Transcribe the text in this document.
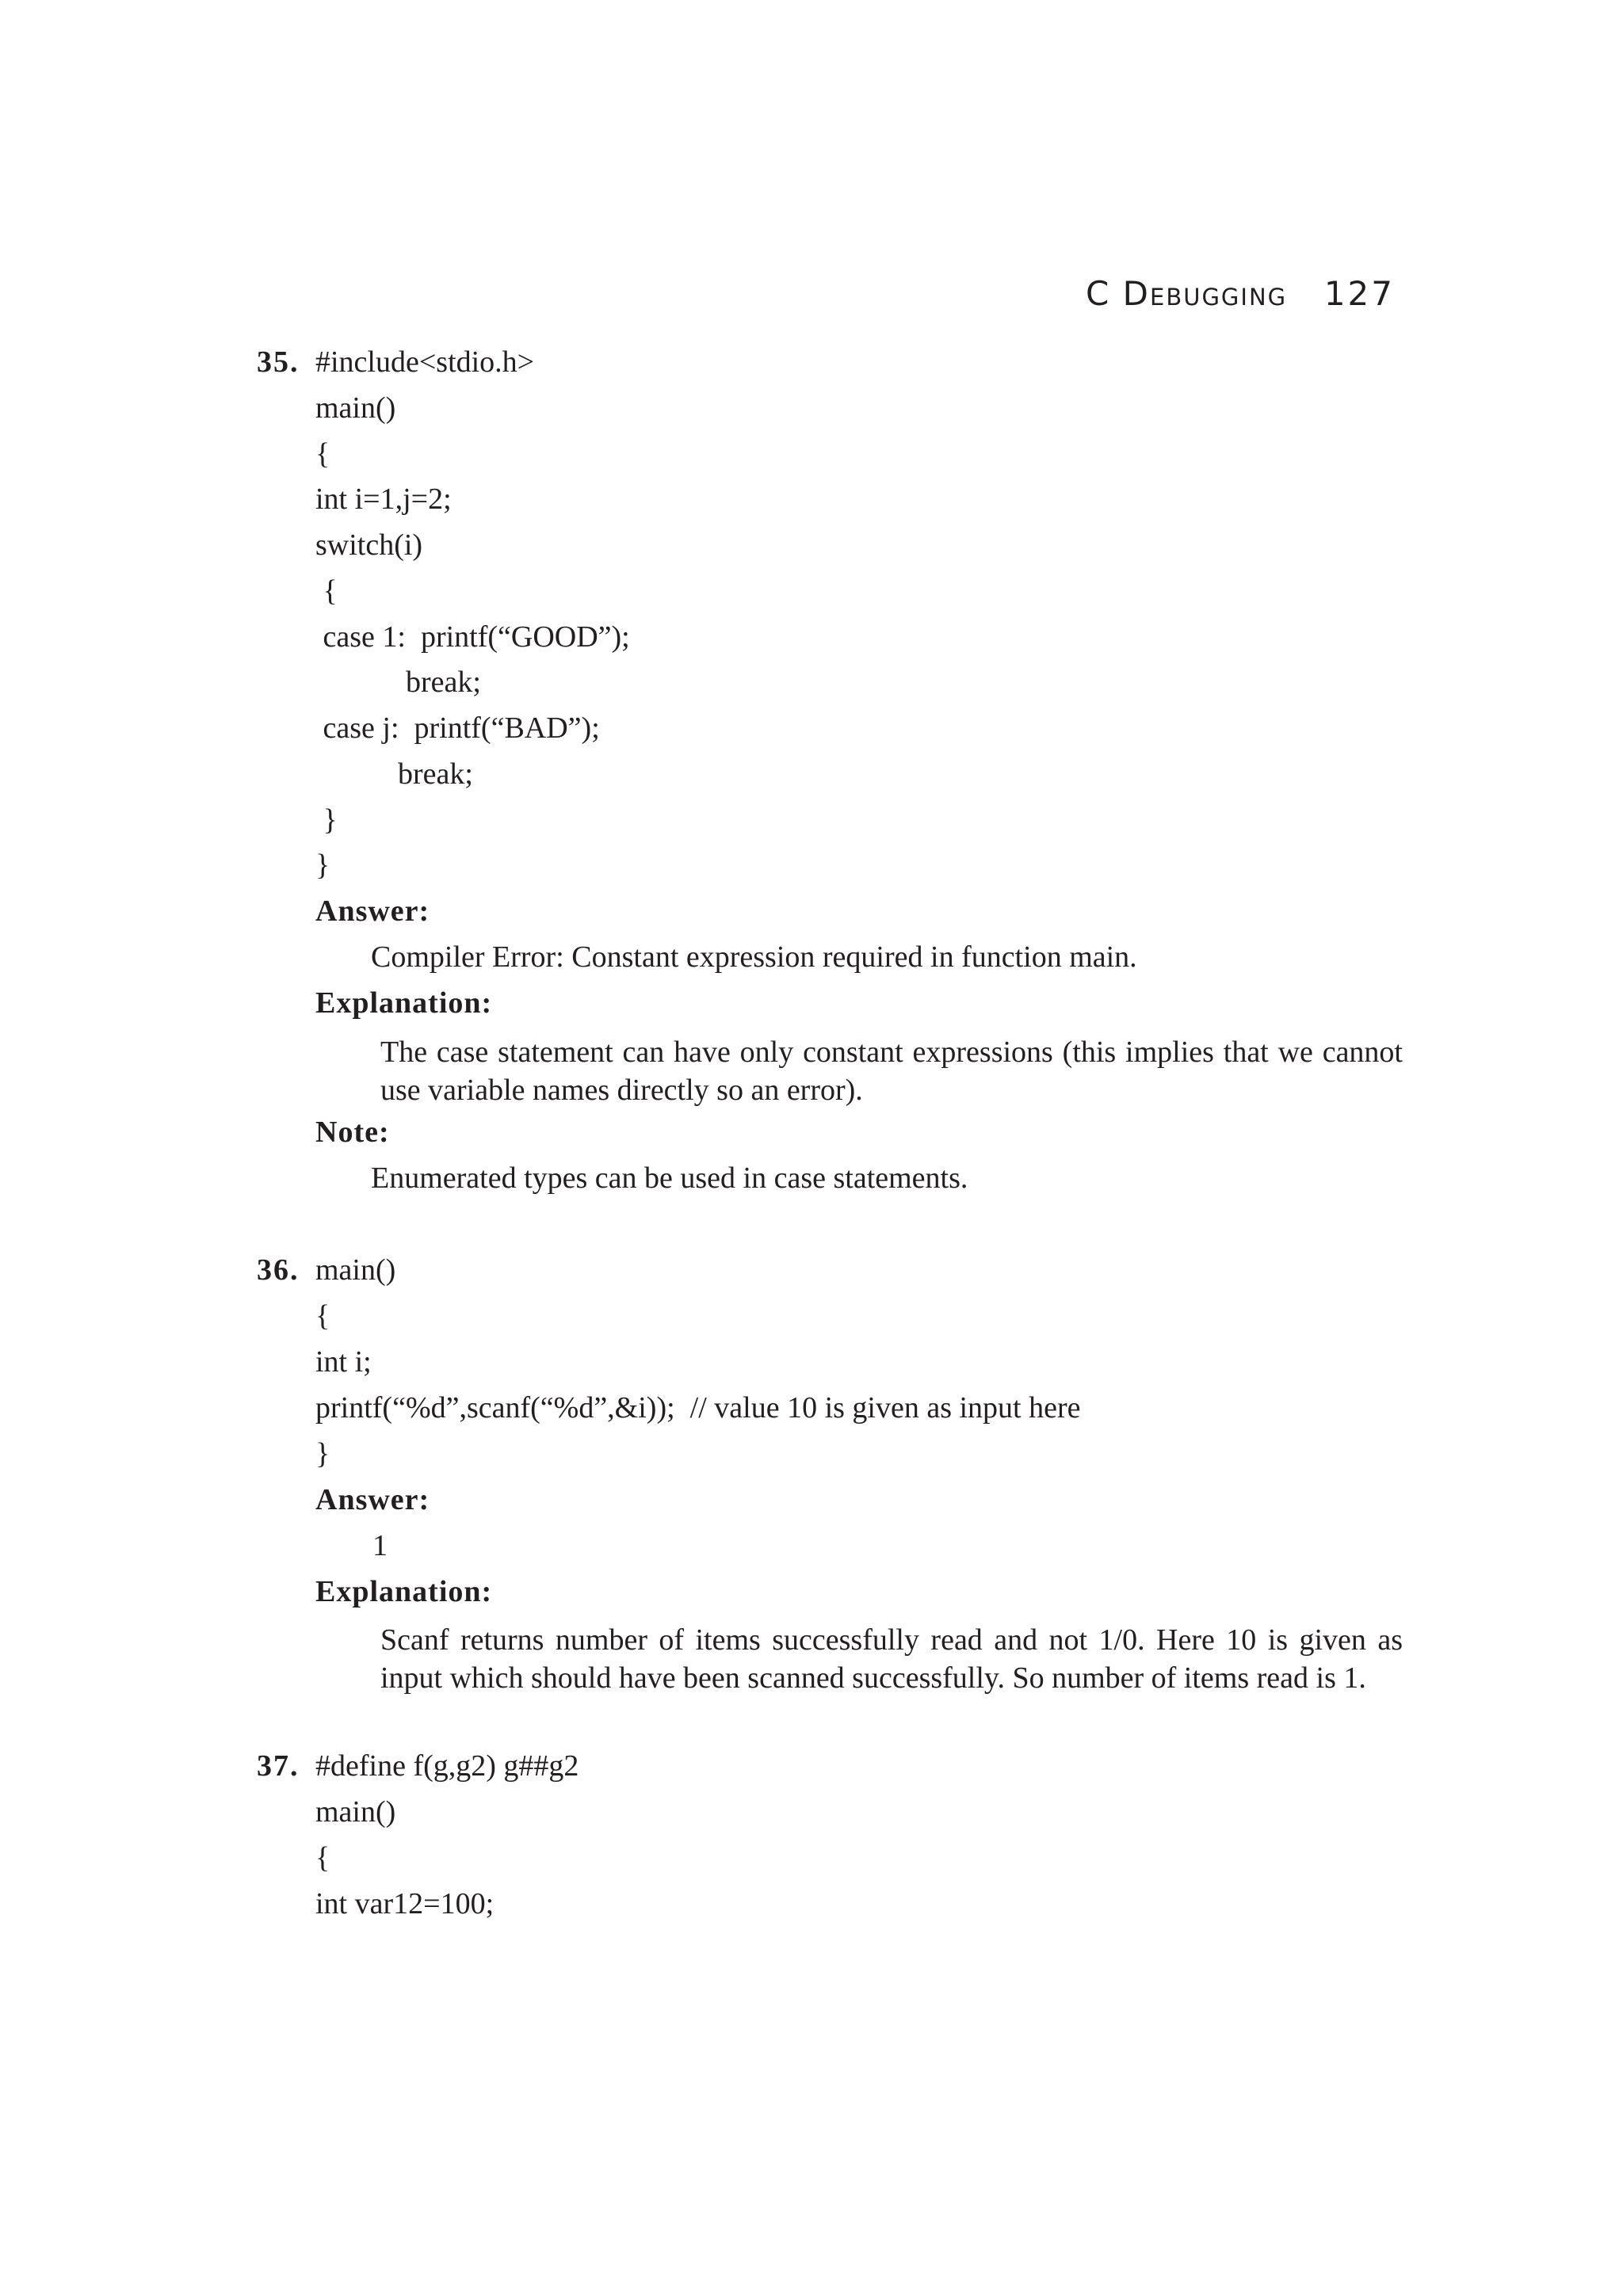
C Debugging 127
35. #include<stdio.h>
main()
{
int i=1,j=2;
switch(i)
{
case 1:  printf(“GOOD”);
break;
case j:  printf(“BAD”);
break;
}
}
Answer:
Compiler Error: Constant expression required in function main.
Explanation:
The case statement can have only constant expressions (this implies that we cannot use variable names directly so an error).
Note:
Enumerated types can be used in case statements.
36. main()
{
int i;
printf(“%d”,scanf(“%d”,&i));  // value 10 is given as input here
}
Answer:
1
Explanation:
Scanf returns number of items successfully read and not 1/0. Here 10 is given as input which should have been scanned successfully. So number of items read is 1.
37. #define f(g,g2) g##g2
main()
{
int var12=100;
